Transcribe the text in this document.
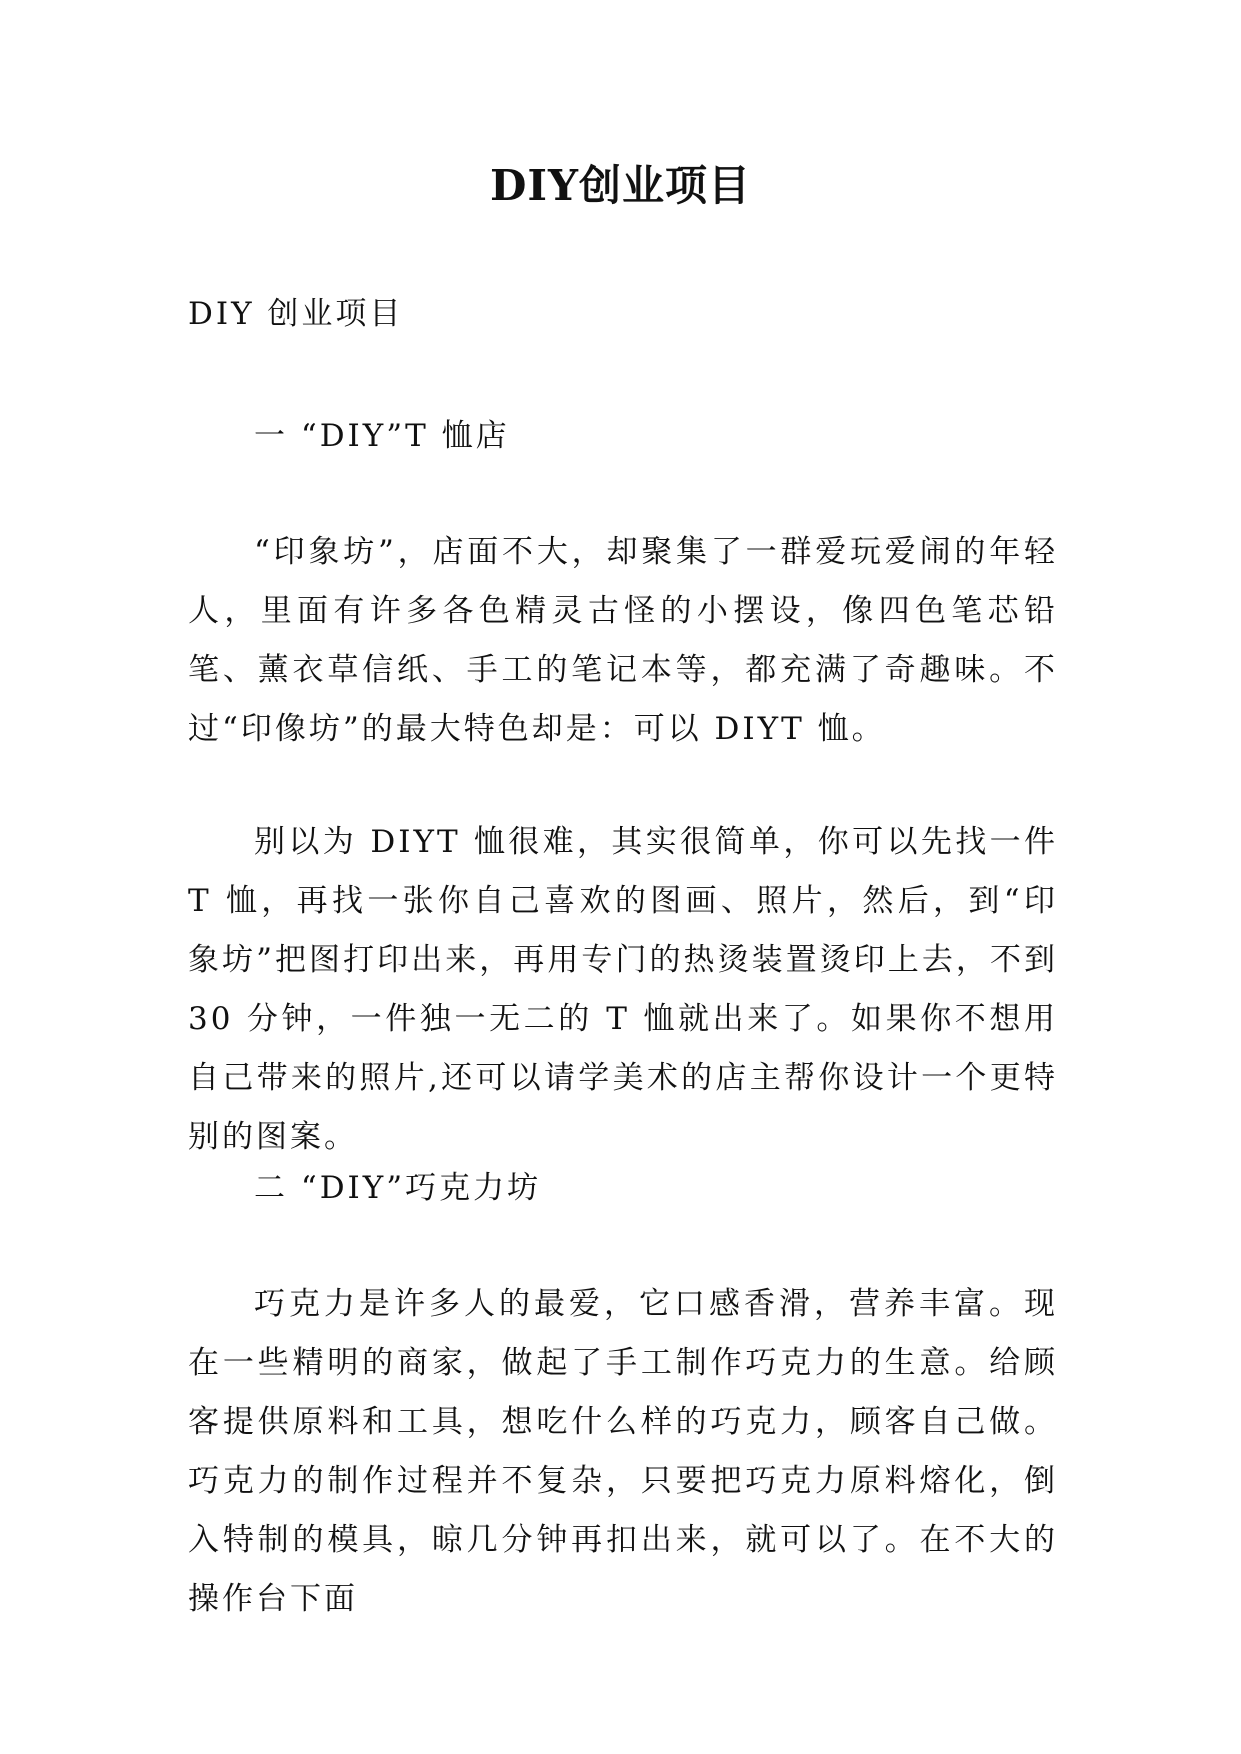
DIY创业项目

DIY 创业项目

一 “DIY”T 恤店

“印象坊”，店面不大，却聚集了一群爱玩爱闹的年轻人，里面有许多各色精灵古怪的小摆设，像四色笔芯铅笔、薰衣草信纸、手工的笔记本等，都充满了奇趣味。不过“印像坊”的最大特色却是：可以 DIYT 恤。

别以为 DIYT 恤很难，其实很简单，你可以先找一件 T 恤，再找一张你自己喜欢的图画、照片，然后，到“印象坊”把图打印出来，再用专门的热烫装置烫印上去，不到 30 分钟，一件独一无二的 T 恤就出来了。如果你不想用自己带来的照片,还可以请学美术的店主帮你设计一个更特别的图案。

二 “DIY”巧克力坊

巧克力是许多人的最爱，它口感香滑，营养丰富。现在一些精明的商家，做起了手工制作巧克力的生意。给顾客提供原料和工具，想吃什么样的巧克力，顾客自己做。巧克力的制作过程并不复杂，只要把巧克力原料熔化，倒入特制的模具，晾几分钟再扣出来，就可以了。在不大的操作台下面
